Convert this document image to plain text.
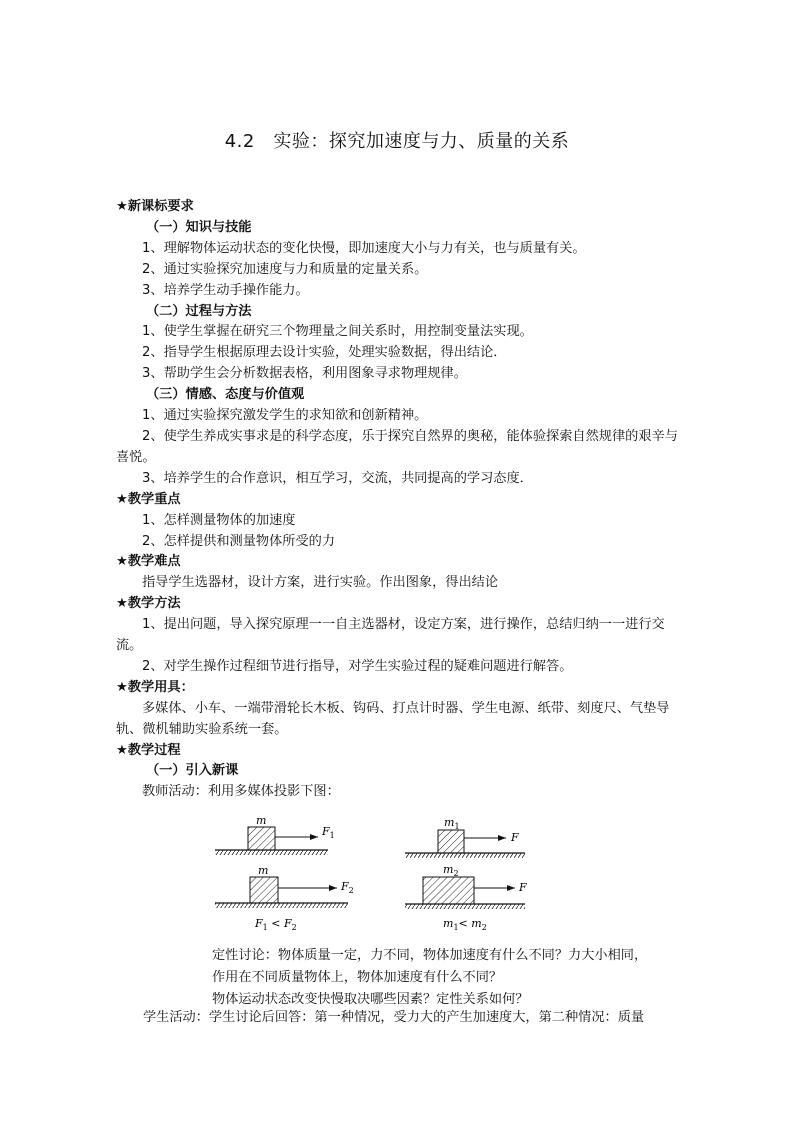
4.2　实验：探究加速度与力、质量的关系
★新课标要求
（一）知识与技能
1、理解物体运动状态的变化快慢，即加速度大小与力有关，也与质量有关。
2、通过实验探究加速度与力和质量的定量关系。
3、培养学生动手操作能力。
（二）过程与方法
1、使学生掌握在研究三个物理量之间关系时，用控制变量法实现。
2、指导学生根据原理去设计实验，处理实验数据，得出结论．
3、帮助学生会分析数据表格，利用图象寻求物理规律。
（三）情感、态度与价值观
1、通过实验探究激发学生的求知欲和创新精神。
2、使学生养成实事求是的科学态度，乐于探究自然界的奥秘，能体验探索自然规律的艰辛与喜悦。
3、培养学生的合作意识，相互学习，交流，共同提高的学习态度．
★教学重点
1、怎样测量物体的加速度
2、怎样提供和测量物体所受的力
★教学难点
指导学生选器材，设计方案，进行实验。作出图象，得出结论
★教学方法
1、提出问题，导入探究原理一一自主选器材，设定方案，进行操作，总结归纳一一进行交流。
2、对学生操作过程细节进行指导，对学生实验过程的疑难问题进行解答。
★教学用具：
多媒体、小车、一端带滑轮长木板、钩码、打点计时器、学生电源、纸带、刻度尺、气垫导轨、微机辅助实验系统一套。
★教学过程
（一）引入新课
教师活动：利用多媒体投影下图：
m
$F_1$
$m_1$
F
m
$F_2$
$m_2$
F
$F_1 < F_2$	$m_1< m_2$
定性讨论：物体质量一定，力不同，物体加速度有什么不同？力大小相同，
作用在不同质量物体上，物体加速度有什么不同？
物体运动状态改变快慢取决哪些因素？定性关系如何？
学生活动：学生讨论后回答：第一种情况，受力大的产生加速度大，第二种情况：质量
